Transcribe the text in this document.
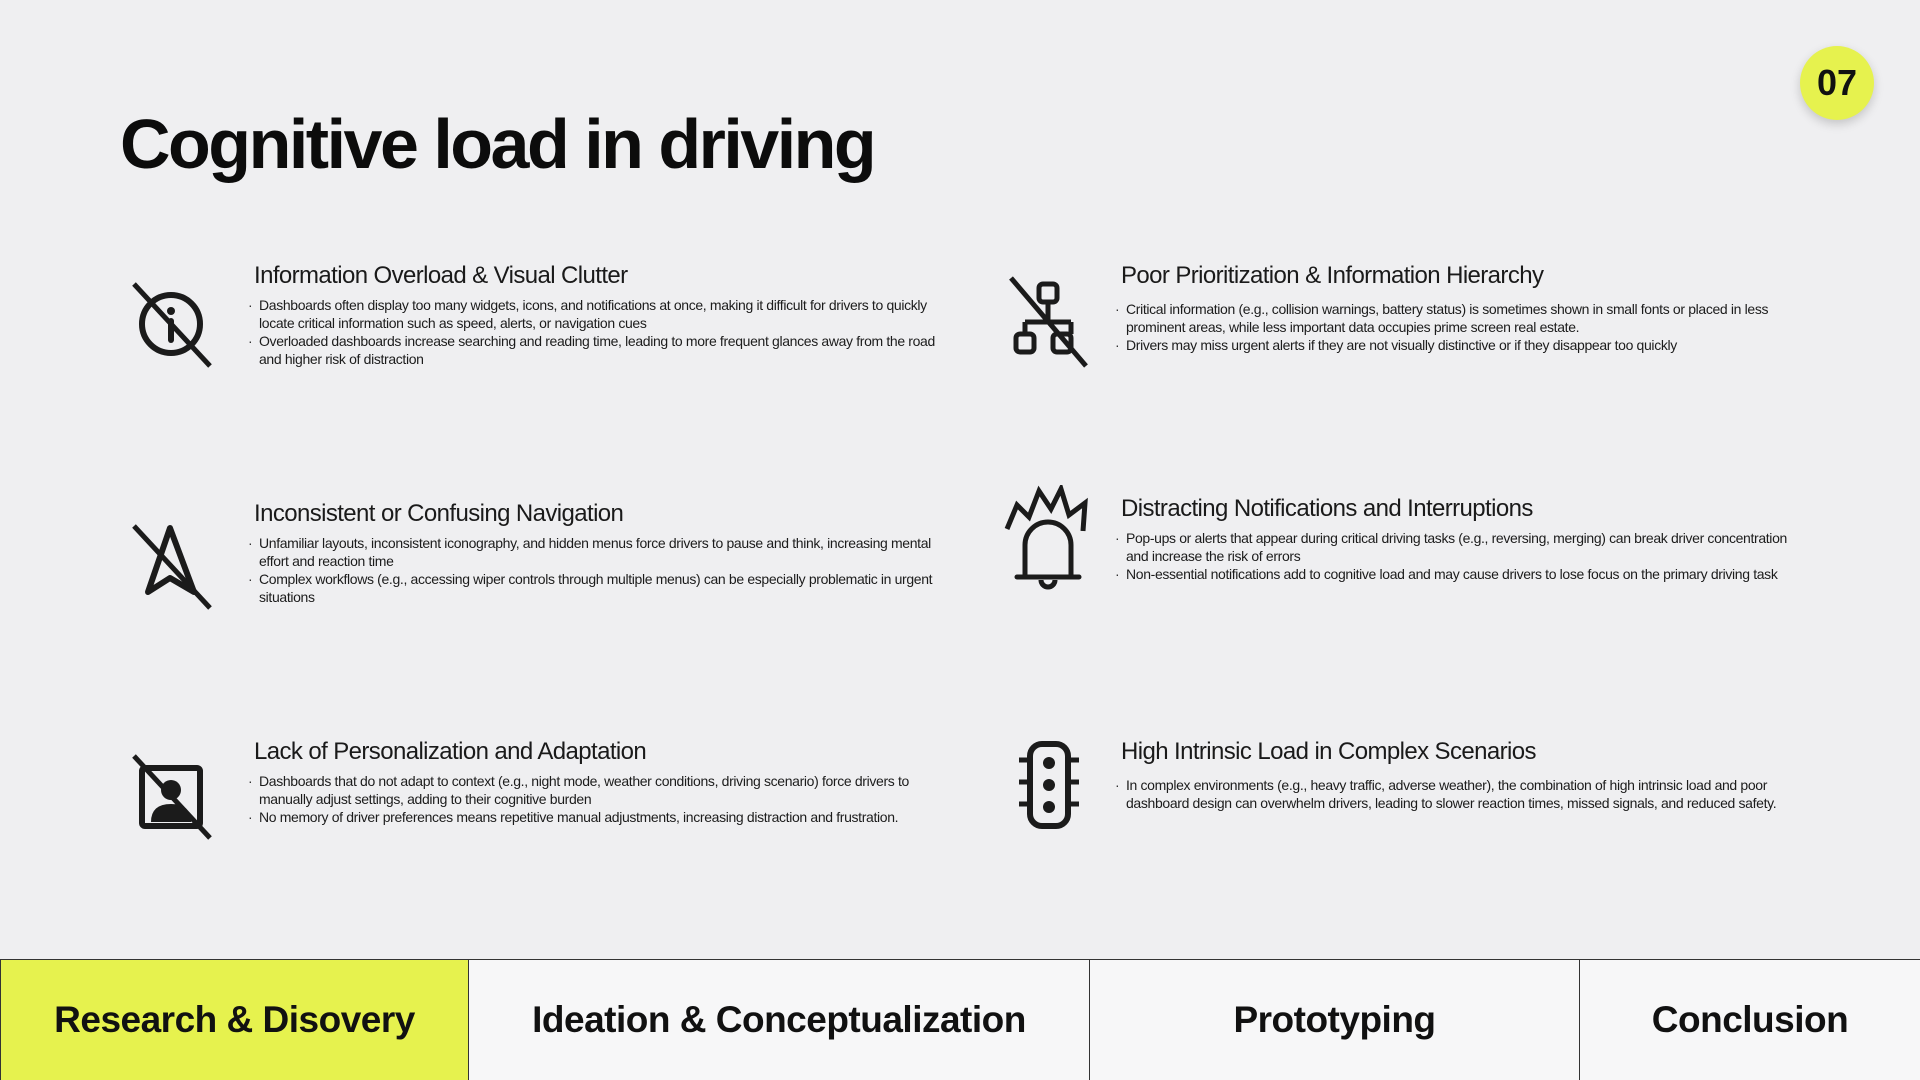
07
Cognitive load in driving
Information Overload & Visual Clutter
· Dashboards often display too many widgets, icons, and notifications at once, making it difficult for drivers to quickly locate critical information such as speed, alerts, or navigation cues
· Overloaded dashboards increase searching and reading time, leading to more frequent glances away from the road and higher risk of distraction
Poor Prioritization & Information Hierarchy
· Critical information (e.g., collision warnings, battery status) is sometimes shown in small fonts or placed in less prominent areas, while less important data occupies prime screen real estate.
· Drivers may miss urgent alerts if they are not visually distinctive or if they disappear too quickly
Inconsistent or Confusing Navigation
· Unfamiliar layouts, inconsistent iconography, and hidden menus force drivers to pause and think, increasing mental effort and reaction time
· Complex workflows (e.g., accessing wiper controls through multiple menus) can be especially problematic in urgent situations
Distracting Notifications and Interruptions
· Pop-ups or alerts that appear during critical driving tasks (e.g., reversing, merging) can break driver concentration and increase the risk of errors
· Non-essential notifications add to cognitive load and may cause drivers to lose focus on the primary driving task
Lack of Personalization and Adaptation
· Dashboards that do not adapt to context (e.g., night mode, weather conditions, driving scenario) force drivers to manually adjust settings, adding to their cognitive burden
· No memory of driver preferences means repetitive manual adjustments, increasing distraction and frustration.
High Intrinsic Load in Complex Scenarios
· In complex environments (e.g., heavy traffic, adverse weather), the combination of high intrinsic load and poor dashboard design can overwhelm drivers, leading to slower reaction times, missed signals, and reduced safety.
Research & Disovery	Ideation & Conceptualization	Prototyping	Conclusion
